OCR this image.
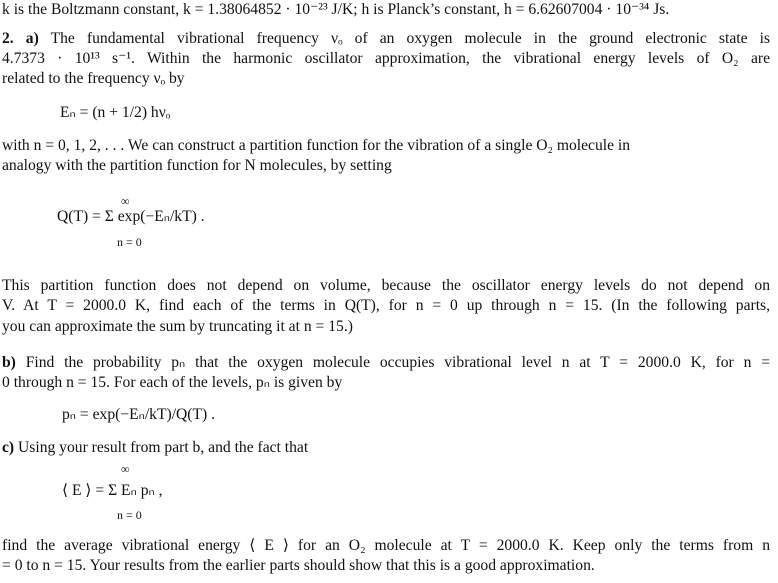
k is the Boltzmann constant, k = 1.38064852 · 10⁻²³ J/K; h is Planck’s constant, h = 6.62607004 · 10⁻³⁴ Js.
2. a) The fundamental vibrational frequency νₒ of an oxygen molecule in the ground electronic state is
4.7373 · 10¹³ s⁻¹. Within the harmonic oscillator approximation, the vibrational energy levels of O₂ are
related to the frequency νₒ by
Eₙ = (n + 1/2) hνₒ
with n = 0, 1, 2, . . . We can construct a partition function for the vibration of a single O₂ molecule in
analogy with the partition function for N molecules, by setting
∞
Q(T) = Σ exp(−Eₙ/kT) .
n = 0
This partition function does not depend on volume, because the oscillator energy levels do not depend on
V. At T = 2000.0 K, find each of the terms in Q(T), for n = 0 up through n = 15. (In the following parts,
you can approximate the sum by truncating it at n = 15.)
b) Find the probability pₙ that the oxygen molecule occupies vibrational level n at T = 2000.0 K, for n =
0 through n = 15. For each of the levels, pₙ is given by
pₙ = exp(−Eₙ/kT)/Q(T) .
c) Using your result from part b, and the fact that
∞
⟨ E ⟩ = Σ Eₙ pₙ ,
n = 0
find the average vibrational energy ⟨ E ⟩ for an O₂ molecule at T = 2000.0 K. Keep only the terms from n
= 0 to n = 15. Your results from the earlier parts should show that this is a good approximation.
